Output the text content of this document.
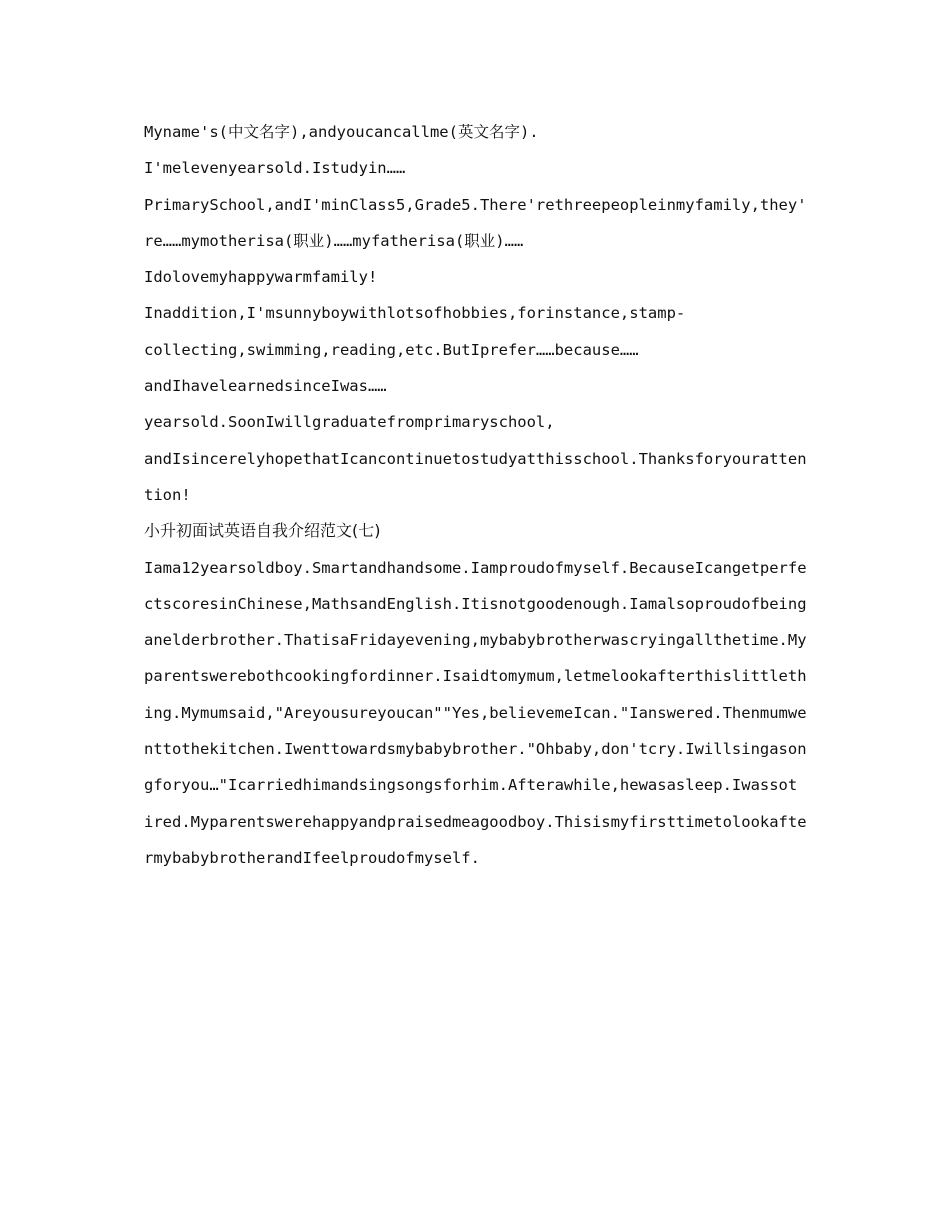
Myname's(中文名字),andyoucancallme(英文名字).
I'melevenyearsold.Istudyin……
PrimarySchool,andI'minClass5,Grade5.There'rethreepeopleinmyfamily,they'
re……mymotherisa(职业)……myfatherisa(职业)……
Idolovemyhappywarmfamily!
Inaddition,I'msunnyboywithlotsofhobbies,forinstance,stamp-
collecting,swimming,reading,etc.ButIprefer……because……
andIhavelearnedsinceIwas……
yearsold.SoonIwillgraduatefromprimaryschool,
andIsincerelyhopethatIcancontinuetostudyatthisschool.Thanksforyouratten
tion!
小升初面试英语自我介绍范文(七)
Iama12yearsoldboy.Smartandhandsome.Iamproudofmyself.BecauseIcangetperfe
ctscoresinChinese,MathsandEnglish.Itisnotgoodenough.Iamalsoproudofbeing
anelderbrother.ThatisaFridayevening,mybabybrotherwascryingallthetime.My
parentswerebothcookingfordinner.Isaidtomymum,letmelookafterthislittleth
ing.Mymumsaid,"Areyousureyoucan""Yes,believemeIcan."Ianswered.Thenmumwe
nttothekitchen.Iwenttowardsmybabybrother."Ohbaby,don'tcry.Iwillsingason
gforyou…"Icarriedhimandsingsongsforhim.Afterawhile,hewasasleep.Iwassot
ired.Myparentswerehappyandpraisedmeagoodboy.Thisismyfirsttimetolookafte
rmybabybrotherandIfeelproudofmyself.
